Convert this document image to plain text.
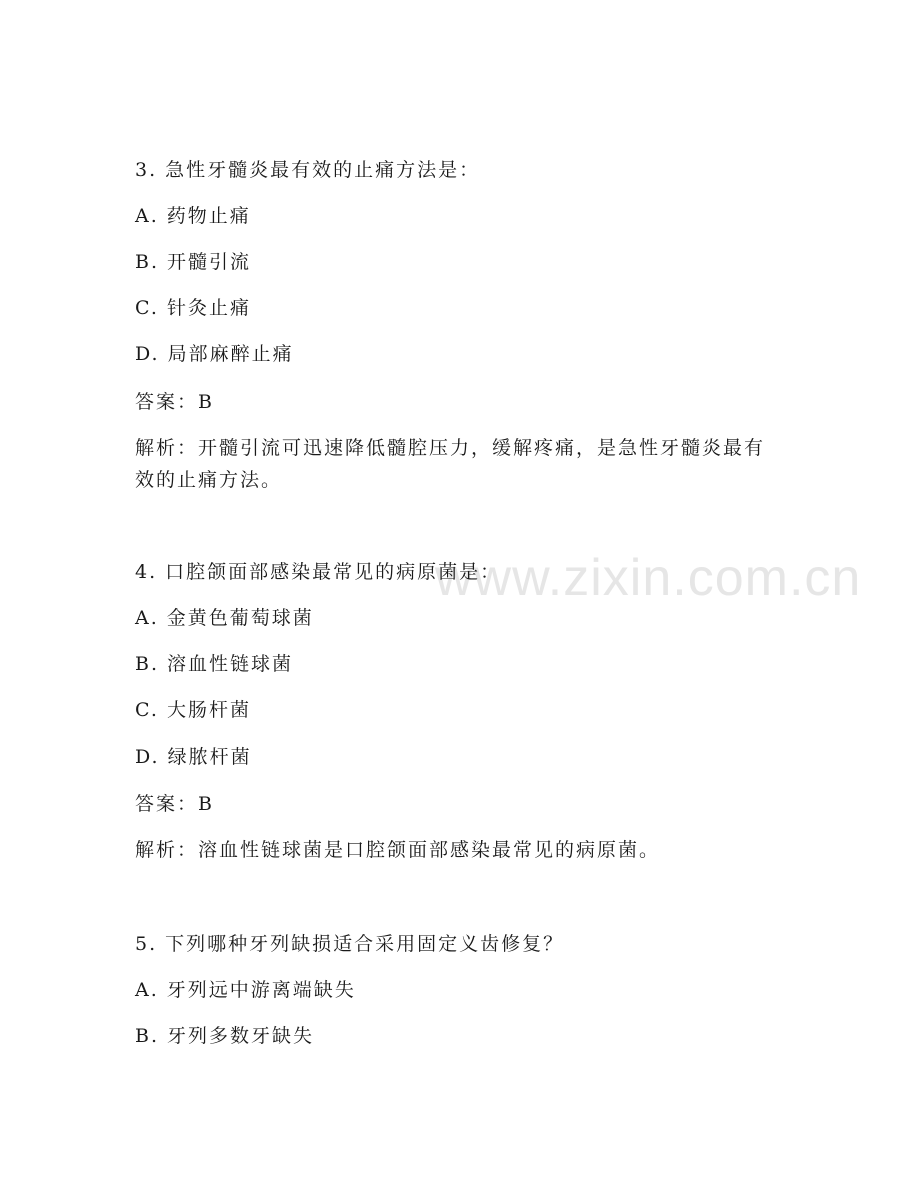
www.zixin.com.cn
3. 急性牙髓炎最有效的止痛方法是：
A. 药物止痛
B. 开髓引流
C. 针灸止痛
D. 局部麻醉止痛
答案：B
解析：开髓引流可迅速降低髓腔压力，缓解疼痛，是急性牙髓炎最有效的止痛方法。
4. 口腔颌面部感染最常见的病原菌是：
A. 金黄色葡萄球菌
B. 溶血性链球菌
C. 大肠杆菌
D. 绿脓杆菌
答案：B
解析：溶血性链球菌是口腔颌面部感染最常见的病原菌。
5. 下列哪种牙列缺损适合采用固定义齿修复？
A. 牙列远中游离端缺失
B. 牙列多数牙缺失
